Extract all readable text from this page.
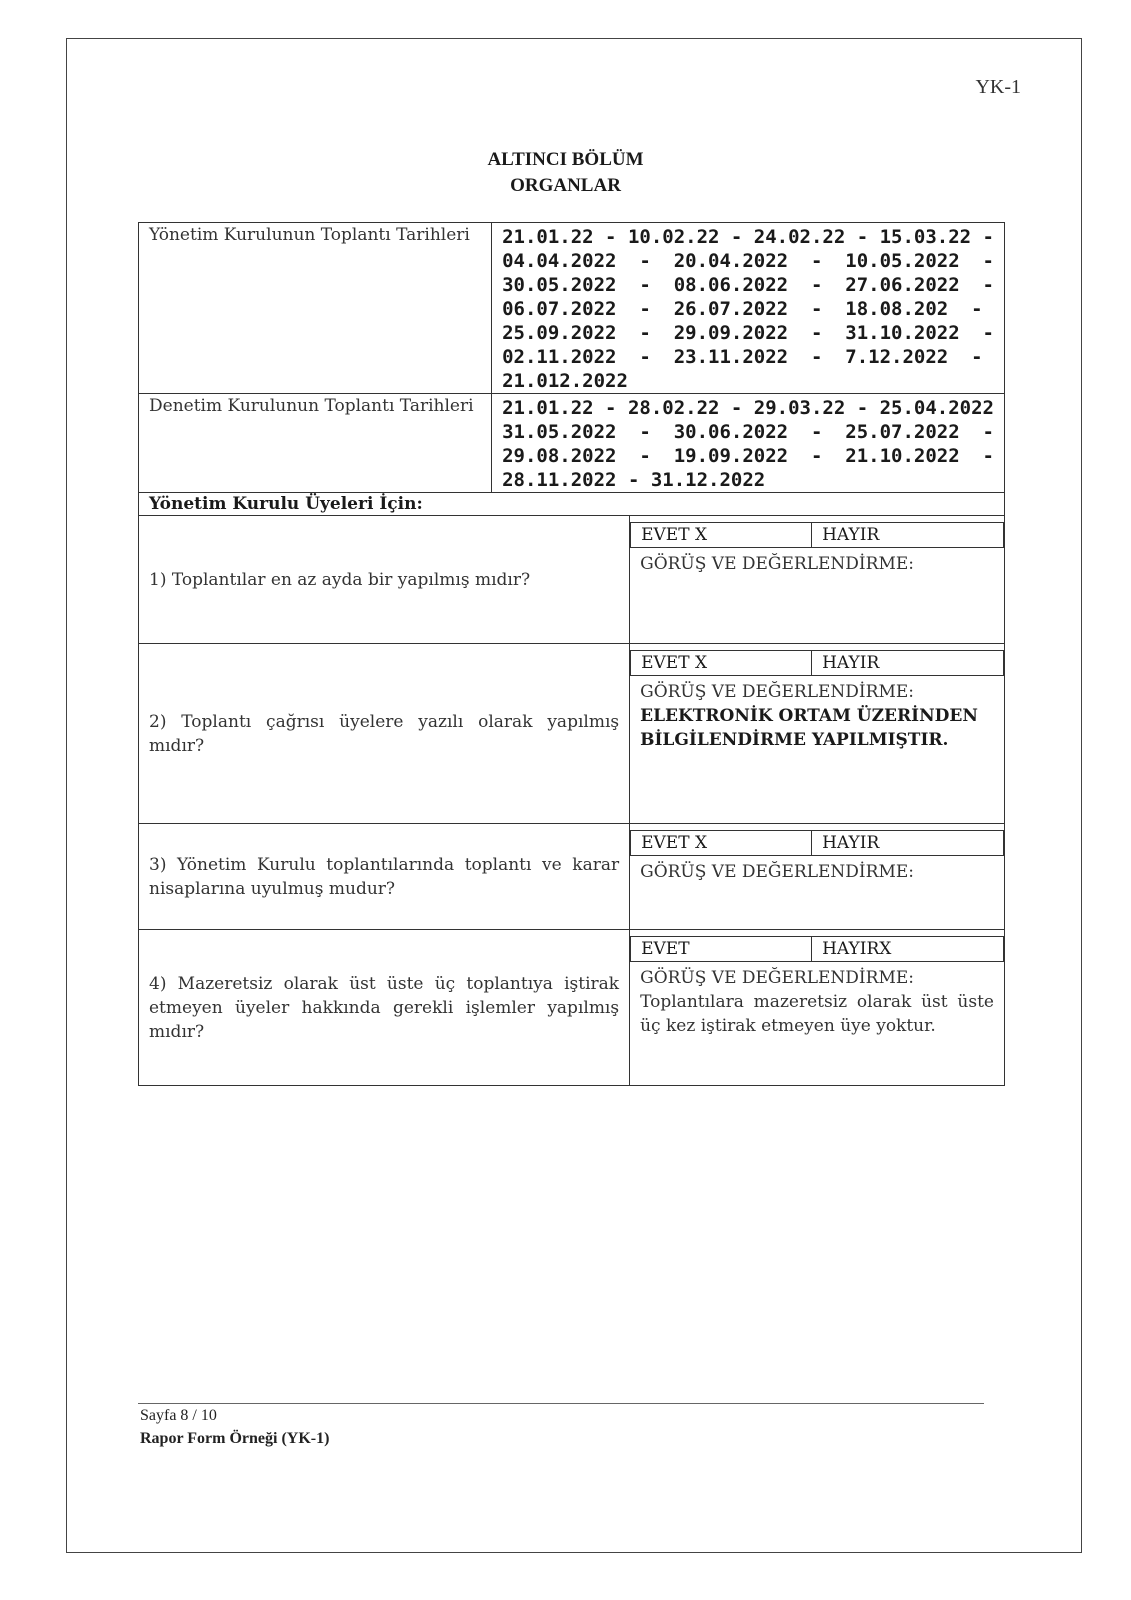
YK-1
ALTINCI BÖLÜM
ORGANLAR
Yönetim Kurulunun Toplantı Tarihleri	21.01.22 - 10.02.22 - 24.02.22 - 15.03.22 -
04.04.2022  -  20.04.2022  -  10.05.2022  -
30.05.2022  -  08.06.2022  -  27.06.2022  -
06.07.2022  -  26.07.2022  -  18.08.202  -
25.09.2022  -  29.09.2022  -  31.10.2022  -
02.11.2022  -  23.11.2022  -  7.12.2022  -
21.012.2022

Denetim Kurulunun Toplantı Tarihleri	21.01.22 - 28.02.22 - 29.03.22 - 25.04.2022
31.05.2022  -  30.06.2022  -  25.07.2022  -
29.08.2022  -  19.09.2022  -  21.10.2022  -
28.11.2022 - 31.12.2022

Yönetim Kurulu Üyeleri İçin:
1) Toplantılar en az ayda bir yapılmış mıdır?	
EVET X	HAYIR
GÖRÜŞ VE DEĞERLENDİRME:

2) Toplantı çağrısı üyelere yazılı olarak yapılmış mıdır?	
EVET X	HAYIR
GÖRÜŞ VE DEĞERLENDİRME:
ELEKTRONİK ORTAM ÜZERİNDEN BİLGİLENDİRME YAPILMIŞTIR.

3) Yönetim Kurulu toplantılarında toplantı ve karar nisaplarına uyulmuş mudur?	
EVET X	HAYIR
GÖRÜŞ VE DEĞERLENDİRME:

4) Mazeretsiz olarak üst üste üç toplantıya iştirak etmeyen üyeler hakkında gerekli işlemler yapılmış mıdır?	
EVET	HAYIRX
GÖRÜŞ VE DEĞERLENDİRME:
Toplantılara mazeretsiz olarak üst üste üç kez iştirak etmeyen üye yoktur.
Sayfa 8 / 10
Rapor Form Örneği (YK-1)
